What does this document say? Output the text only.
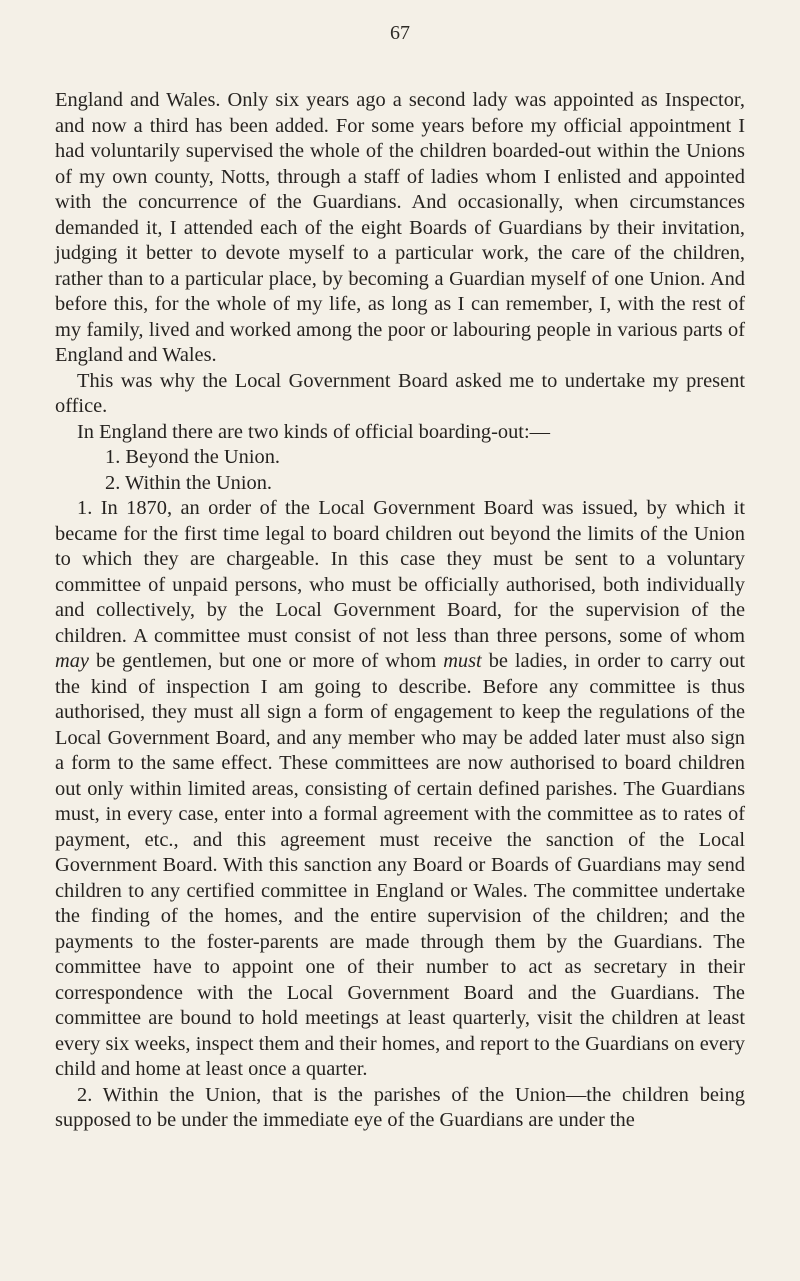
67

England and Wales. Only six years ago a second lady was appointed as Inspector, and now a third has been added. For some years before my official appointment I had voluntarily supervised the whole of the children boarded-out within the Unions of my own county, Notts, through a staff of ladies whom I enlisted and appointed with the concurrence of the Guardians. And occasionally, when circumstances demanded it, I attended each of the eight Boards of Guardians by their invitation, judging it better to devote myself to a particular work, the care of the children, rather than to a particular place, by becoming a Guardian myself of one Union. And before this, for the whole of my life, as long as I can remember, I, with the rest of my family, lived and worked among the poor or labouring people in various parts of England and Wales.

This was why the Local Government Board asked me to undertake my present office.

In England there are two kinds of official boarding-out:—

1. Beyond the Union.

2. Within the Union.

1. In 1870, an order of the Local Government Board was issued, by which it became for the first time legal to board children out beyond the limits of the Union to which they are chargeable. In this case they must be sent to a voluntary committee of unpaid persons, who must be officially authorised, both individually and collectively, by the Local Government Board, for the supervision of the children. A committee must consist of not less than three persons, some of whom may be gentlemen, but one or more of whom must be ladies, in order to carry out the kind of inspection I am going to describe. Before any committee is thus authorised, they must all sign a form of engagement to keep the regulations of the Local Government Board, and any member who may be added later must also sign a form to the same effect. These committees are now authorised to board children out only within limited areas, consisting of certain defined parishes. The Guardians must, in every case, enter into a formal agreement with the committee as to rates of payment, etc., and this agreement must receive the sanction of the Local Government Board. With this sanction any Board or Boards of Guardians may send children to any certified committee in England or Wales. The committee undertake the finding of the homes, and the entire supervision of the children; and the payments to the foster-parents are made through them by the Guardians. The committee have to appoint one of their number to act as secretary in their correspondence with the Local Government Board and the Guardians. The committee are bound to hold meetings at least quarterly, visit the children at least every six weeks, inspect them and their homes, and report to the Guardians on every child and home at least once a quarter.

2. Within the Union, that is the parishes of the Union—the children being supposed to be under the immediate eye of the Guardians are under the
